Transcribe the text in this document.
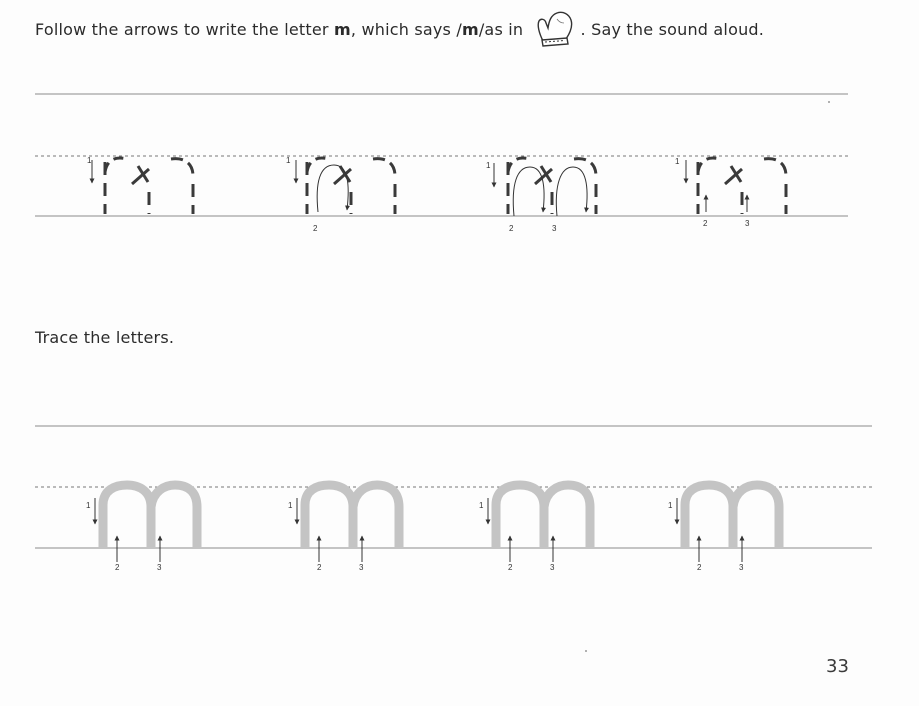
Follow the arrows to write the letter m, which says /m/as in	. Say the sound aloud.
Trace the letters.
1	1
2
1
2	3
1
2	3
1
2	3
1
2	3
1
2	3
1
2	3
33
